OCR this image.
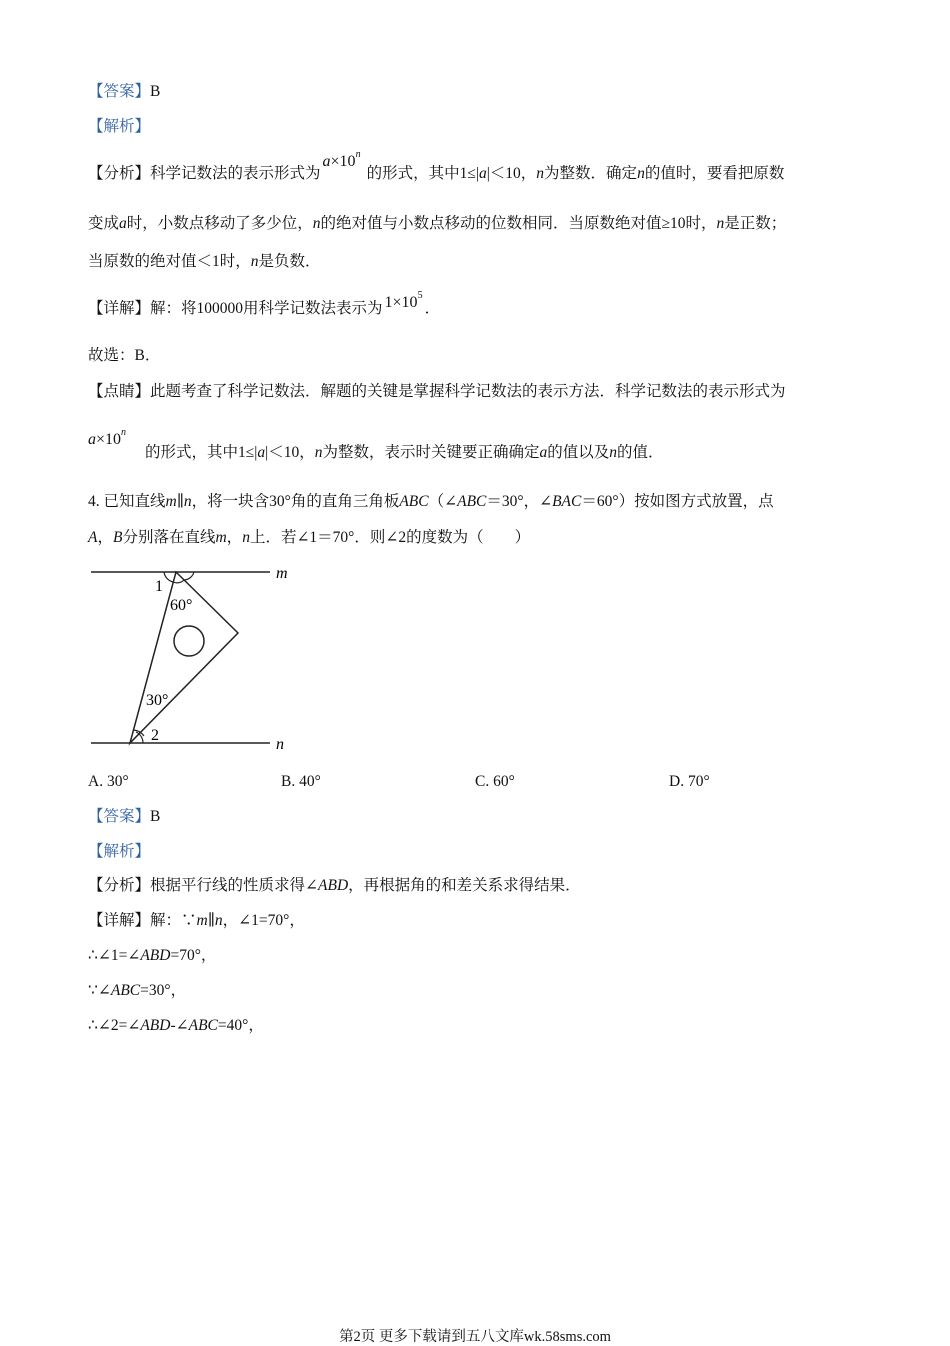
【答案】B
【解析】
【分析】科学记数法的表示形式为$a\times 10^n$的形式，其中1≤|a|＜10，n为整数．确定n的值时，要看把原数
变成a时，小数点移动了多少位，n的绝对值与小数点移动的位数相同．当原数绝对值≥10时，n是正数；
当原数的绝对值＜1时，n是负数．
【详解】解：将100000用科学记数法表示为 $1\times 10^5$．
故选：B．
【点睛】此题考查了科学记数法．解题的关键是掌握科学记数法的表示方法．科学记数法的表示形式为
$a\times 10^n$
的形式，其中1≤|a|＜10，n为整数，表示时关键要正确确定a的值以及n的值．
4. 已知直线m∥n，将一块含30°角的直角三角板ABC（∠ABC＝30°，∠BAC＝60°）按如图方式放置，点
A，B分别落在直线m，n上．若∠1＝70°．则∠2的度数为（　　）
m
n
1
60°
30°
2
A. 30°	B. 40°	C. 60°	D. 70°
【答案】B
【解析】
【分析】根据平行线的性质求得∠ABD，再根据角的和差关系求得结果．
【详解】解：∵m∥n，∠1=70°，
∴∠1=∠ABD=70°，
∵∠ABC=30°，
∴∠2=∠ABD-∠ABC=40°，
第2页 更多下载请到五八文库wk.58sms.com
